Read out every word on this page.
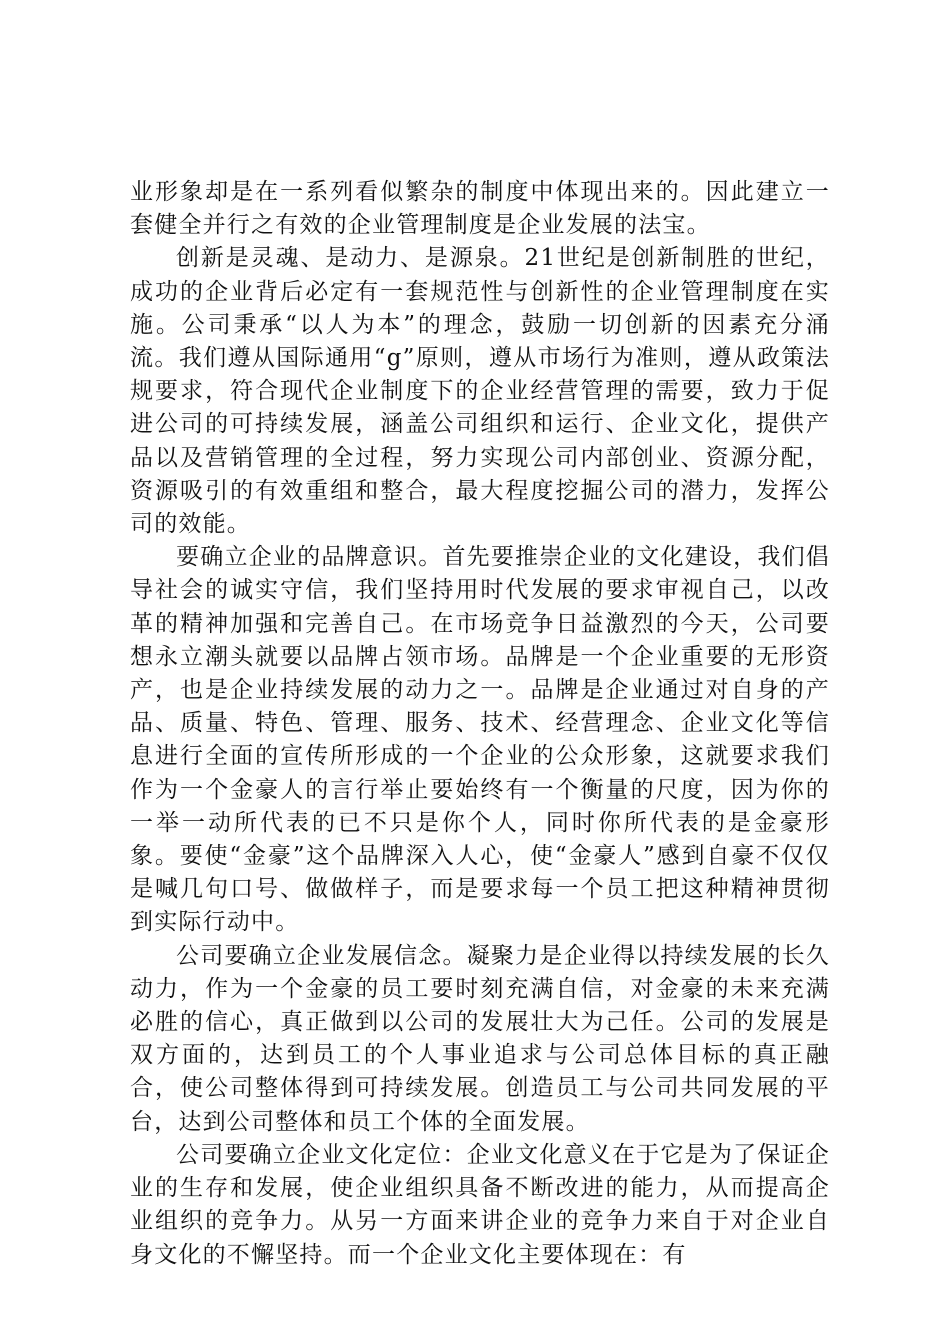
业形象却是在一系列看似繁杂的制度中体现出来的。因此建立一套健全并行之有效的企业管理制度是企业发展的法宝。

创新是灵魂、是动力、是源泉。21世纪是创新制胜的世纪，成功的企业背后必定有一套规范性与创新性的企业管理制度在实施。公司秉承“以人为本”的理念，鼓励一切创新的因素充分涌流。我们遵从国际通用“g”原则，遵从市场行为准则，遵从政策法规要求，符合现代企业制度下的企业经营管理的需要，致力于促进公司的可持续发展，涵盖公司组织和运行、企业文化，提供产品以及营销管理的全过程，努力实现公司内部创业、资源分配，资源吸引的有效重组和整合，最大程度挖掘公司的潜力，发挥公司的效能。

要确立企业的品牌意识。首先要推崇企业的文化建设，我们倡导社会的诚实守信，我们坚持用时代发展的要求审视自己，以改革的精神加强和完善自己。在市场竞争日益激烈的今天，公司要想永立潮头就要以品牌占领市场。品牌是一个企业重要的无形资产，也是企业持续发展的动力之一。品牌是企业通过对自身的产品、质量、特色、管理、服务、技术、经营理念、企业文化等信息进行全面的宣传所形成的一个企业的公众形象，这就要求我们作为一个金豪人的言行举止要始终有一个衡量的尺度，因为你的一举一动所代表的已不只是你个人，同时你所代表的是金豪形象。要使“金豪”这个品牌深入人心，使“金豪人”感到自豪不仅仅是喊几句口号、做做样子，而是要求每一个员工把这种精神贯彻到实际行动中。

公司要确立企业发展信念。凝聚力是企业得以持续发展的长久动力，作为一个金豪的员工要时刻充满自信，对金豪的未来充满必胜的信心，真正做到以公司的发展壮大为己任。公司的发展是双方面的，达到员工的个人事业追求与公司总体目标的真正融合，使公司整体得到可持续发展。创造员工与公司共同发展的平台，达到公司整体和员工个体的全面发展。

公司要确立企业文化定位：企业文化意义在于它是为了保证企业的生存和发展，使企业组织具备不断改进的能力，从而提高企业组织的竞争力。从另一方面来讲企业的竞争力来自于对企业自身文化的不懈坚持。而一个企业文化主要体现在：有
